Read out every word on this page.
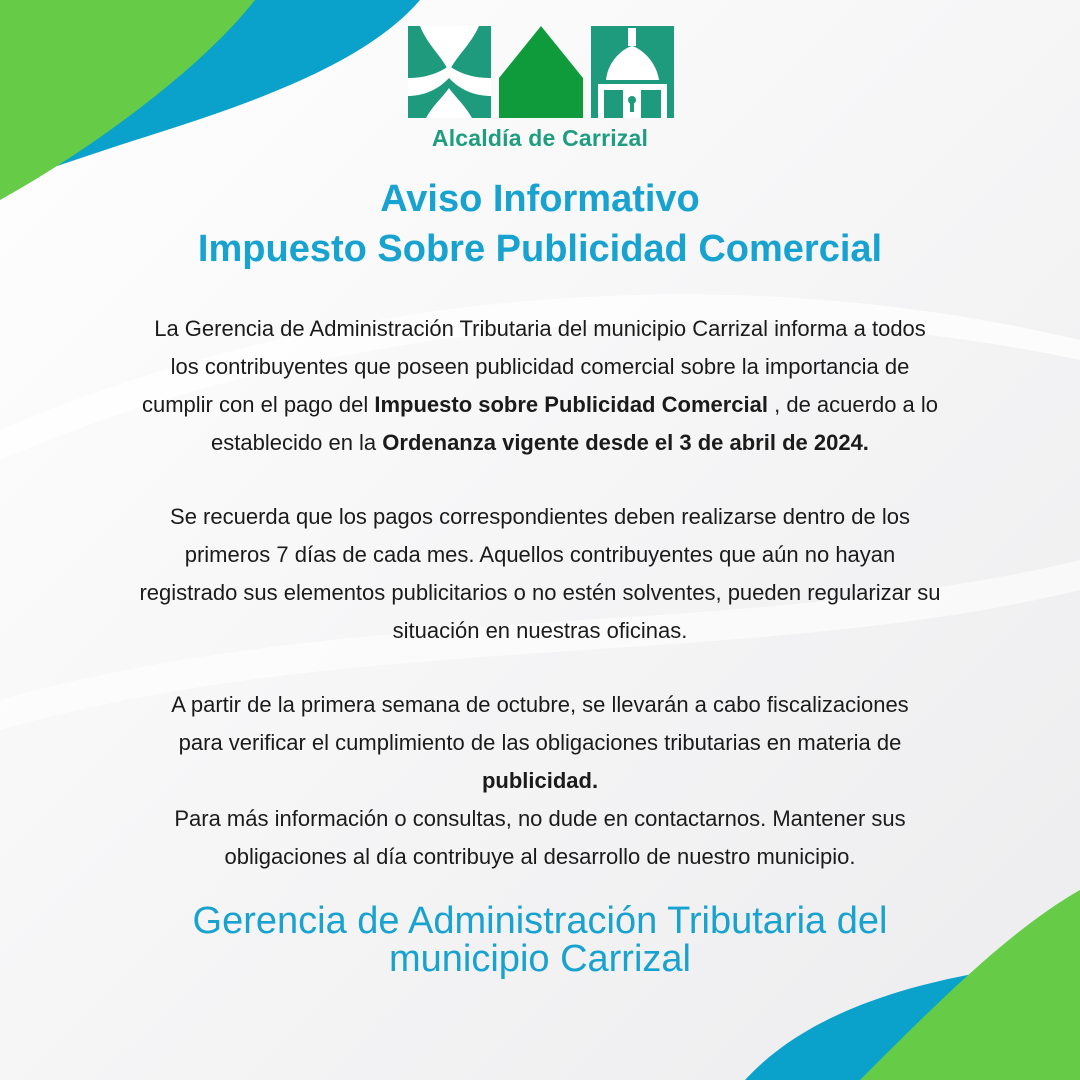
Alcaldía de Carrizal
Aviso Informativo
Impuesto Sobre Publicidad Comercial

La Gerencia de Administración Tributaria del municipio Carrizal informa a todos
los contribuyentes que poseen publicidad comercial sobre la importancia de
cumplir con el pago del Impuesto sobre Publicidad Comercial , de acuerdo a lo
establecido en la Ordenanza vigente desde el 3 de abril de 2024.

Se recuerda que los pagos correspondientes deben realizarse dentro de los
primeros 7 días de cada mes. Aquellos contribuyentes que aún no hayan
registrado sus elementos publicitarios o no estén solventes, pueden regularizar su
situación en nuestras oficinas.

A partir de la primera semana de octubre, se llevarán a cabo fiscalizaciones
para verificar el cumplimiento de las obligaciones tributarias en materia de
publicidad.

Para más información o consultas, no dude en contactarnos. Mantener sus
obligaciones al día contribuye al desarrollo de nuestro municipio.

Gerencia de Administración Tributaria del
municipio Carrizal
